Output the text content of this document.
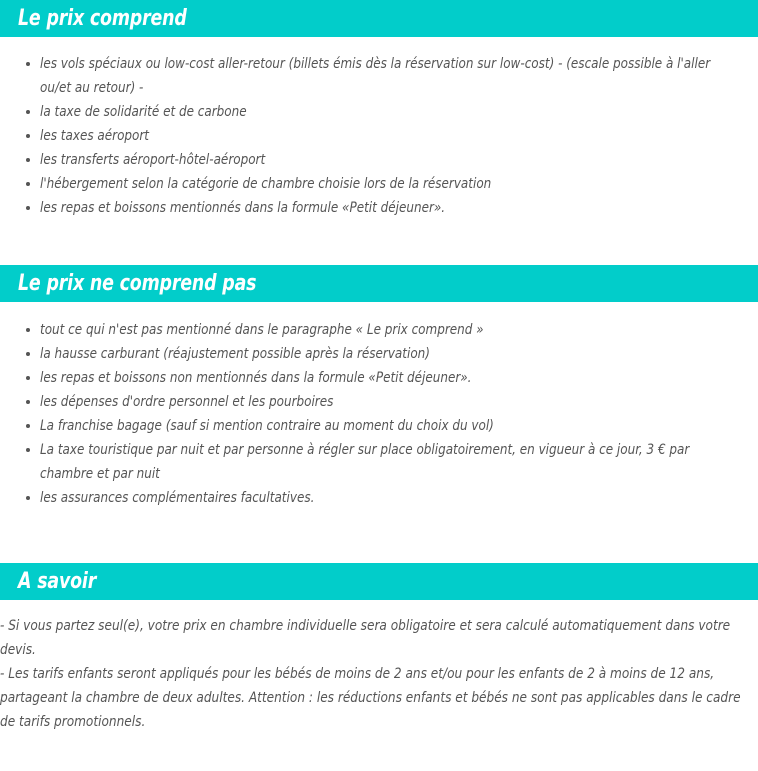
Le prix comprend
les vols spéciaux ou low-cost aller-retour (billets émis dès la réservation sur low-cost) - (escale possible à l'aller ou/et au retour) -
la taxe de solidarité et de carbone
les taxes aéroport
les transferts aéroport-hôtel-aéroport
l'hébergement selon la catégorie de chambre choisie lors de la réservation
les repas et boissons mentionnés dans la formule «Petit déjeuner».
Le prix ne comprend pas
tout ce qui n'est pas mentionné dans le paragraphe « Le prix comprend »
la hausse carburant (réajustement possible après la réservation)
les repas et boissons non mentionnés dans la formule «Petit déjeuner».
les dépenses d'ordre personnel et les pourboires
La franchise bagage (sauf si mention contraire au moment du choix du vol)
La taxe touristique par nuit et par personne à régler sur place obligatoirement, en vigueur à ce jour, 3 € par chambre et par nuit
les assurances complémentaires facultatives.
A savoir

- Si vous partez seul(e), votre prix en chambre individuelle sera obligatoire et sera calculé automatiquement dans votre devis.

- Les tarifs enfants seront appliqués pour les bébés de moins de 2 ans et/ou pour les enfants de 2 à moins de 12 ans, partageant la chambre de deux adultes. Attention : les réductions enfants et bébés ne sont pas applicables dans le cadre de tarifs promotionnels.
